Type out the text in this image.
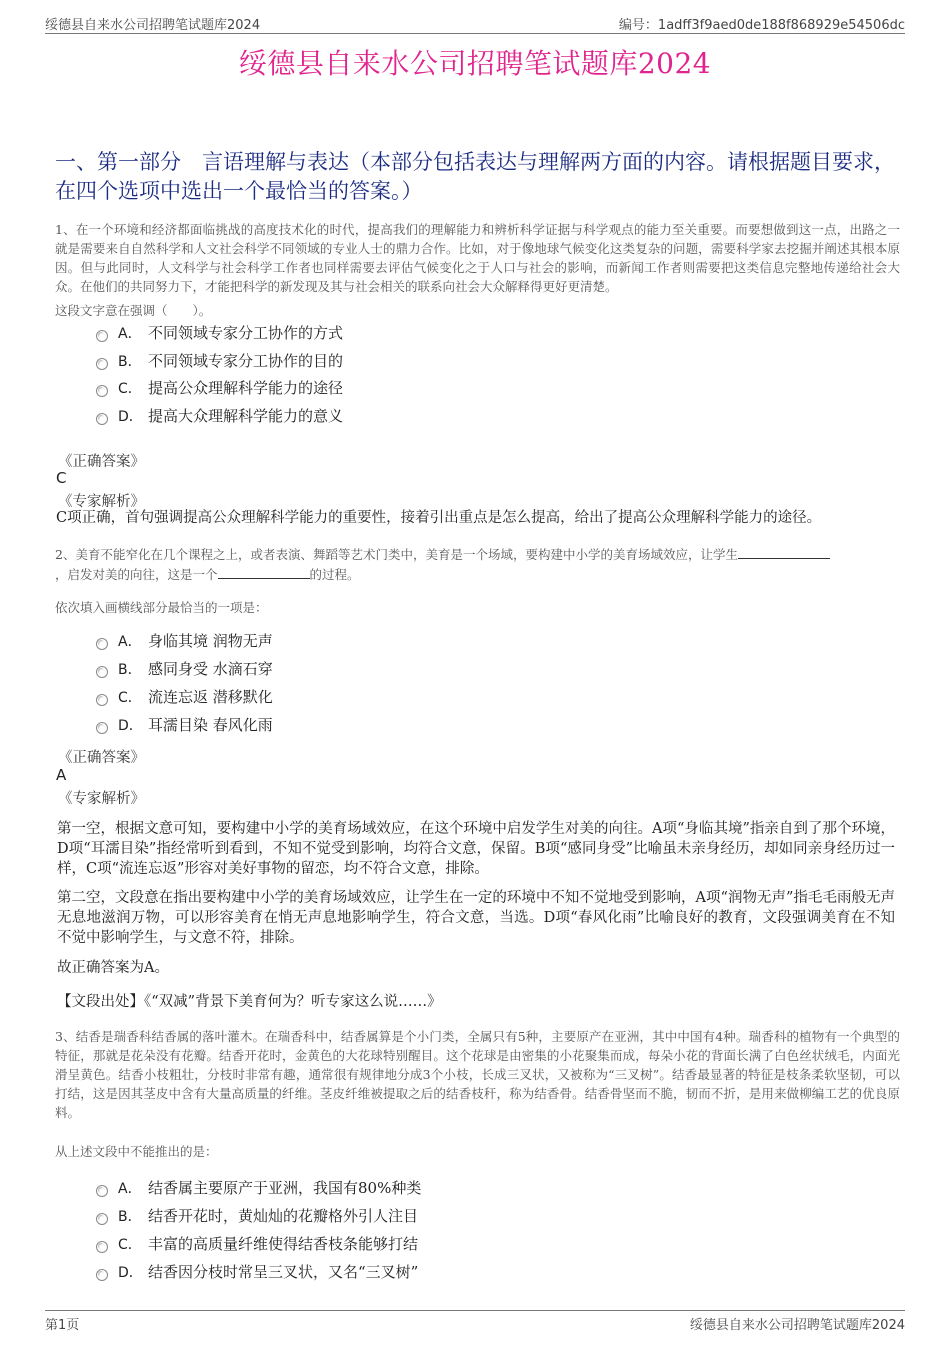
绥德县自来水公司招聘笔试题库2024	编号：1adff3f9aed0de188f868929e54506dc
绥德县自来水公司招聘笔试题库2024
一、第一部分　言语理解与表达（本部分包括表达与理解两方面的内容。请根据题目要求，在四个选项中选出一个最恰当的答案。）
1、在一个环境和经济都面临挑战的高度技术化的时代，提高我们的理解能力和辨析科学证据与科学观点的能力至关重要。而要想做到这一点，出路之一就是需要来自自然科学和人文社会科学不同领域的专业人士的鼎力合作。比如，对于像地球气候变化这类复杂的问题，需要科学家去挖掘并阐述其根本原因。但与此同时，人文科学与社会科学工作者也同样需要去评估气候变化之于人口与社会的影响，而新闻工作者则需要把这类信息完整地传递给社会大众。在他们的共同努力下，才能把科学的新发现及其与社会相关的联系向社会大众解释得更好更清楚。
这段文字意在强调（　　）。
A． 不同领域专家分工协作的方式
B． 不同领域专家分工协作的目的
C． 提高公众理解科学能力的途径
D． 提高大众理解科学能力的意义
《正确答案》
C
《专家解析》
C项正确，首句强调提高公众理解科学能力的重要性，接着引出重点是怎么提高，给出了提高公众理解科学能力的途径。
2、美育不能窄化在几个课程之上，或者表演、舞蹈等艺术门类中，美育是一个场域，要构建中小学的美育场域效应，让学生
，启发对美的向往，这是一个	的过程。
依次填入画横线部分最恰当的一项是：
A． 身临其境 润物无声
B． 感同身受 水滴石穿
C． 流连忘返 潜移默化
D． 耳濡目染 春风化雨
《正确答案》
A
《专家解析》
第一空，根据文意可知，要构建中小学的美育场域效应，在这个环境中启发学生对美的向往。A项“身临其境”指亲自到了那个环境，D项“耳濡目染”指经常听到看到，不知不觉受到影响，均符合文意，保留。B项“感同身受”比喻虽未亲身经历，却如同亲身经历过一样，C项“流连忘返”形容对美好事物的留恋，均不符合文意，排除。
第二空，文段意在指出要构建中小学的美育场域效应，让学生在一定的环境中不知不觉地受到影响，A项“润物无声”指毛毛雨般无声无息地滋润万物，可以形容美育在悄无声息地影响学生，符合文意，当选。D项“春风化雨”比喻良好的教育，文段强调美育在不知不觉中影响学生，与文意不符，排除。
故正确答案为A。
【文段出处】《“双减”背景下美育何为？听专家这么说……》
3、结香是瑞香科结香属的落叶灌木。在瑞香科中，结香属算是个小门类，全属只有5种，主要原产在亚洲，其中中国有4种。瑞香科的植物有一个典型的特征，那就是花朵没有花瓣。结香开花时，金黄色的大花球特别醒目。这个花球是由密集的小花聚集而成，每朵小花的背面长满了白色丝状绒毛，内面光滑呈黄色。结香小枝粗壮，分枝时非常有趣，通常很有规律地分成3个小枝，长成三叉状，又被称为“三叉树”。结香最显著的特征是枝条柔软坚韧，可以打结，这是因其茎皮中含有大量高质量的纤维。茎皮纤维被提取之后的结香枝秆，称为结香骨。结香骨坚而不脆，韧而不折，是用来做柳编工艺的优良原料。
从上述文段中不能推出的是：
A． 结香属主要原产于亚洲，我国有80%种类
B． 结香开花时，黄灿灿的花瓣格外引人注目
C． 丰富的高质量纤维使得结香枝条能够打结
D． 结香因分枝时常呈三叉状，又名“三叉树”
第1页	绥德县自来水公司招聘笔试题库2024
